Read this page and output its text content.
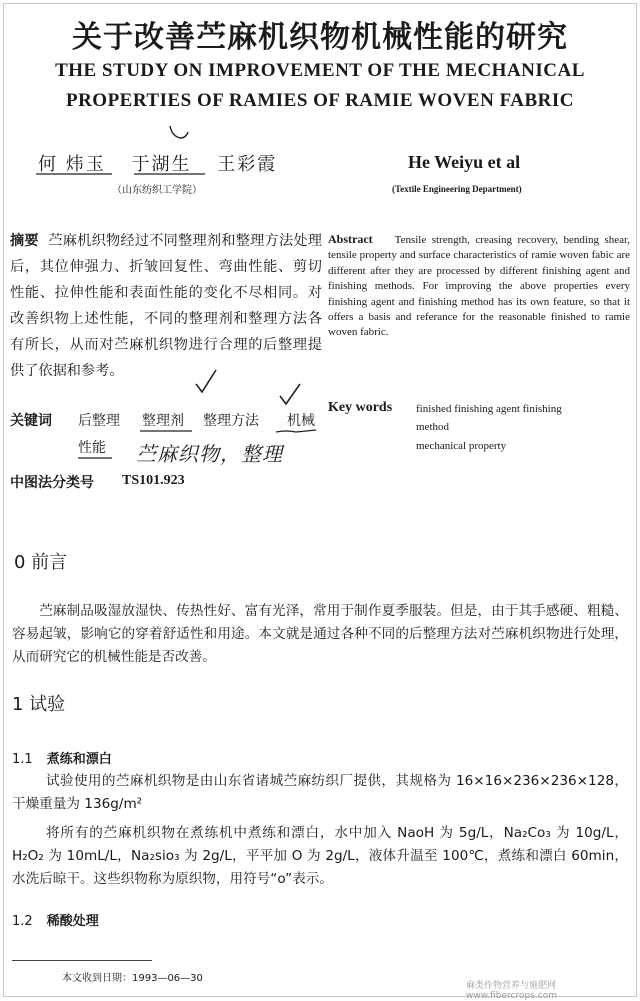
关于改善苎麻机织物机械性能的研究
THE STUDY ON IMPROVEMENT OF THE MECHANICAL
PROPERTIES OF RAMIES OF RAMIE WOVEN FABRIC
何 炜玉 于湖生 王彩霞
（山东纺织工学院）
He Weiyu et al
(Textile Engineering Department)
摘要 苎麻机织物经过不同整理剂和整理方法处理后，其位伸强力、折皱回复性、弯曲性能、剪切性能、拉伸性能和表面性能的变化不尽相同。对改善织物上述性能，不同的整理剂和整理方法各有所长，从而对苎麻机织物进行合理的后整理提供了依据和参考。
Abstract Tensile strength, creasing recovery, bending shear, tensile property and surface characteristics of ramie woven fabic are different after they are processed by different finishing agent and finishing methods. For improving the above properties every finishing agent and finishing method has its own feature, so that it offers a basis and referance for the reasonable finished to ramie woven fabric.
关键词 后整理 整理剂 整理方法 机械
性能
Key words finished finishing agent finishing
method
mechanical property
苎麻织物，整理
中图法分类号 TS101.923
0 前言
苎麻制品吸湿放湿快、传热性好、富有光泽，常用于制作夏季服装。但是，由于其手感硬、粗糙、容易起皱，影响它的穿着舒适性和用途。本文就是通过各种不同的后整理方法对苎麻机织物进行处理，从而研究它的机械性能是否改善。
1 试验
1.1 煮练和漂白
试验使用的苎麻机织物是由山东省诸城苎麻纺织厂提供，其规格为 16×16×236×236×128，干燥重量为 136g/m²
将所有的苎麻机织物在煮练机中煮练和漂白，水中加入 NaoH 为 5g/L，Na₂Co₃ 为 10g/L，H₂O₂ 为 10mL/L，Na₂sio₃ 为 2g/L，平平加 O 为 2g/L，液体升温至 100℃，煮练和漂白 60min，水洗后晾干。这些织物称为原织物，用符号“o”表示。
1.2 稀酸处理
本文收到日期：1993—06—30
麻类作物营养与施肥网 www.fibercrops.com
